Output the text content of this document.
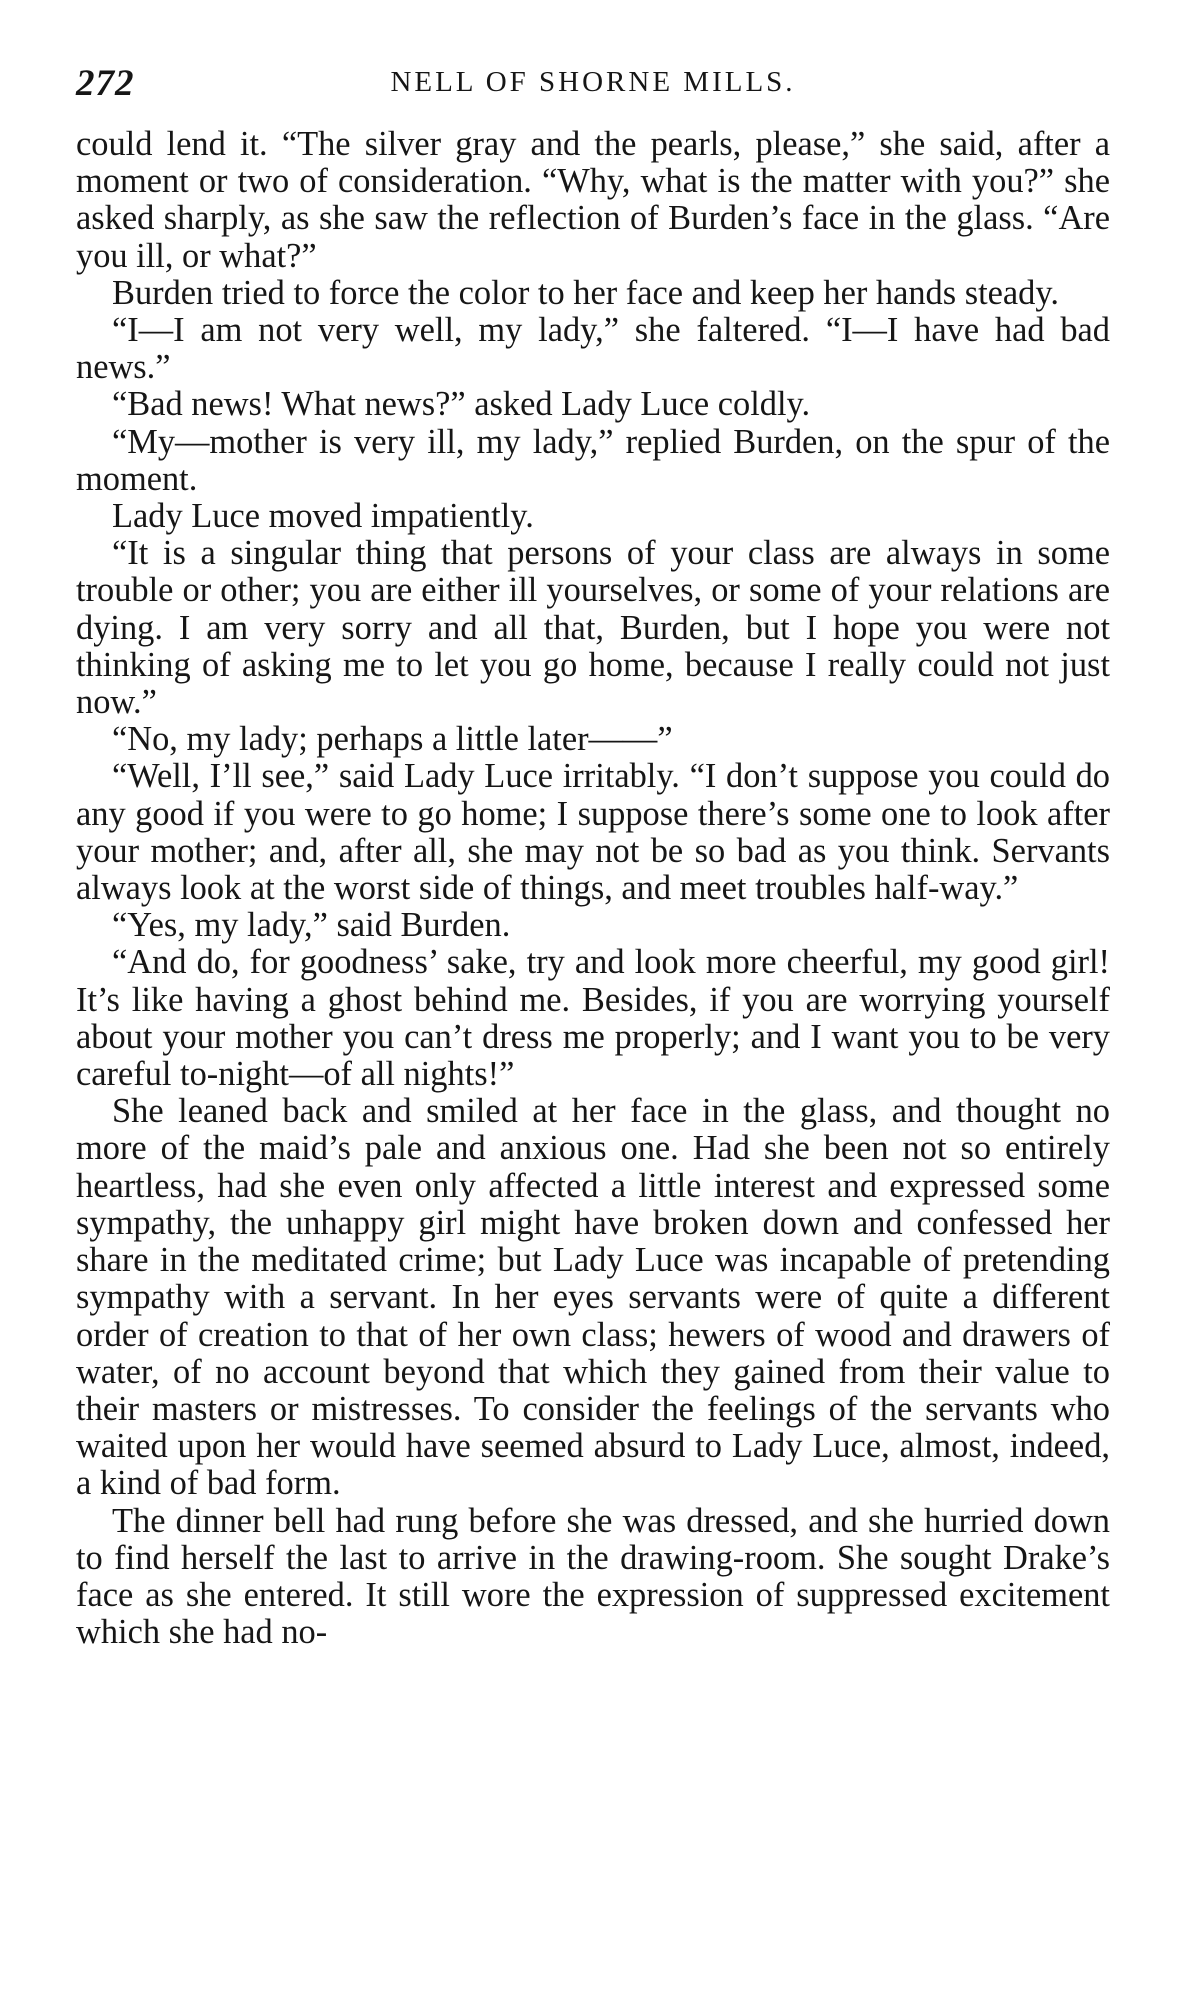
272	NELL OF SHORNE MILLS.

could lend it. “The silver gray and the pearls, please,” she said, after a moment or two of consideration. “Why, what is the matter with you?” she asked sharply, as she saw the reflection of Burden’s face in the glass. “Are you ill, or what?”

Burden tried to force the color to her face and keep her hands steady.

“I—I am not very well, my lady,” she faltered. “I—I have had bad news.”

“Bad news! What news?” asked Lady Luce coldly.

“My—mother is very ill, my lady,” replied Burden, on the spur of the moment.

Lady Luce moved impatiently.

“It is a singular thing that persons of your class are always in some trouble or other; you are either ill yourselves, or some of your relations are dying. I am very sorry and all that, Burden, but I hope you were not thinking of asking me to let you go home, because I really could not just now.”

“No, my lady; perhaps a little later——”

“Well, I’ll see,” said Lady Luce irritably. “I don’t suppose you could do any good if you were to go home; I suppose there’s some one to look after your mother; and, after all, she may not be so bad as you think. Servants always look at the worst side of things, and meet troubles half-way.”

“Yes, my lady,” said Burden.

“And do, for goodness’ sake, try and look more cheerful, my good girl! It’s like having a ghost behind me. Besides, if you are worrying yourself about your mother you can’t dress me properly; and I want you to be very careful to-night—of all nights!”

She leaned back and smiled at her face in the glass, and thought no more of the maid’s pale and anxious one. Had she been not so entirely heartless, had she even only affected a little interest and expressed some sympathy, the unhappy girl might have broken down and confessed her share in the meditated crime; but Lady Luce was incapable of pretending sympathy with a servant. In her eyes servants were of quite a different order of creation to that of her own class; hewers of wood and drawers of water, of no account beyond that which they gained from their value to their masters or mistresses. To consider the feelings of the servants who waited upon her would have seemed absurd to Lady Luce, almost, indeed, a kind of bad form.

The dinner bell had rung before she was dressed, and she hurried down to find herself the last to arrive in the drawing-room. She sought Drake’s face as she entered. It still wore the expression of suppressed excitement which she had no-
